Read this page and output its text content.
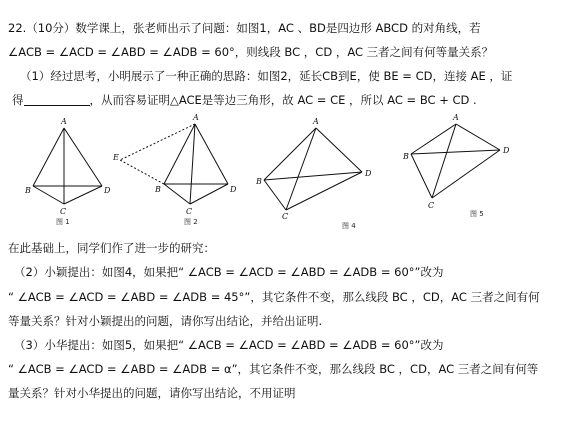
22.（10分）数学课上，张老师出示了问题：如图1，AC 、BD是四边形 ABCD 的对角线，若
∠ACB = ∠ACD = ∠ABD = ∠ADB = 60°，则线段 BC ，CD ，AC 三者之间有何等量关系？
（1）经过思考，小明展示了一种正确的思路：如图2，延长CB到E，使 BE = CD，连接 AE ，证
得	，从而容易证明△ACE是等边三角形，故 AC = CE ，所以 AC = BC + CD .
A
B
C
D
图 1
A
B
C
D
E
图 2
A
B
C
D
图 4
A
B
C
D
图 5
在此基础上，同学们作了进一步的研究：
（2）小颖提出：如图4，如果把“ ∠ACB = ∠ACD = ∠ABD = ∠ADB = 60°”改为
“ ∠ACB = ∠ACD = ∠ABD = ∠ADB = 45°”，其它条件不变，那么线段 BC ，CD，AC 三者之间有何
等量关系？针对小颖提出的问题，请你写出结论，并给出证明.
（3）小华提出：如图5，如果把“ ∠ACB = ∠ACD = ∠ABD = ∠ADB = 60°”改为
“ ∠ACB = ∠ACD = ∠ABD = ∠ADB = α”，其它条件不变，那么线段 BC ，CD，AC 三者之间有何等
量关系？针对小华提出的问题，请你写出结论，不用证明
